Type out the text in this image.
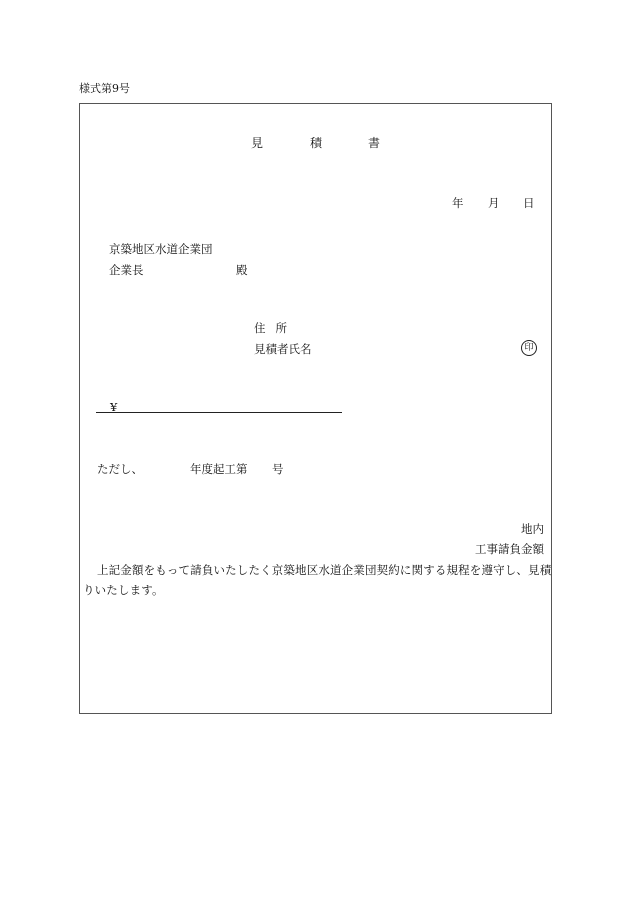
様式第9号
見	積	書
年 月 日
京築地区水道企業団
企業長	殿
住 所
見積者氏名	印
¥
ただし、	年度起工第 号
地内
工事請負金額
上記金額をもって請負いたしたく京築地区水道企業団契約に関する規程を遵守し、見積
りいたします。
